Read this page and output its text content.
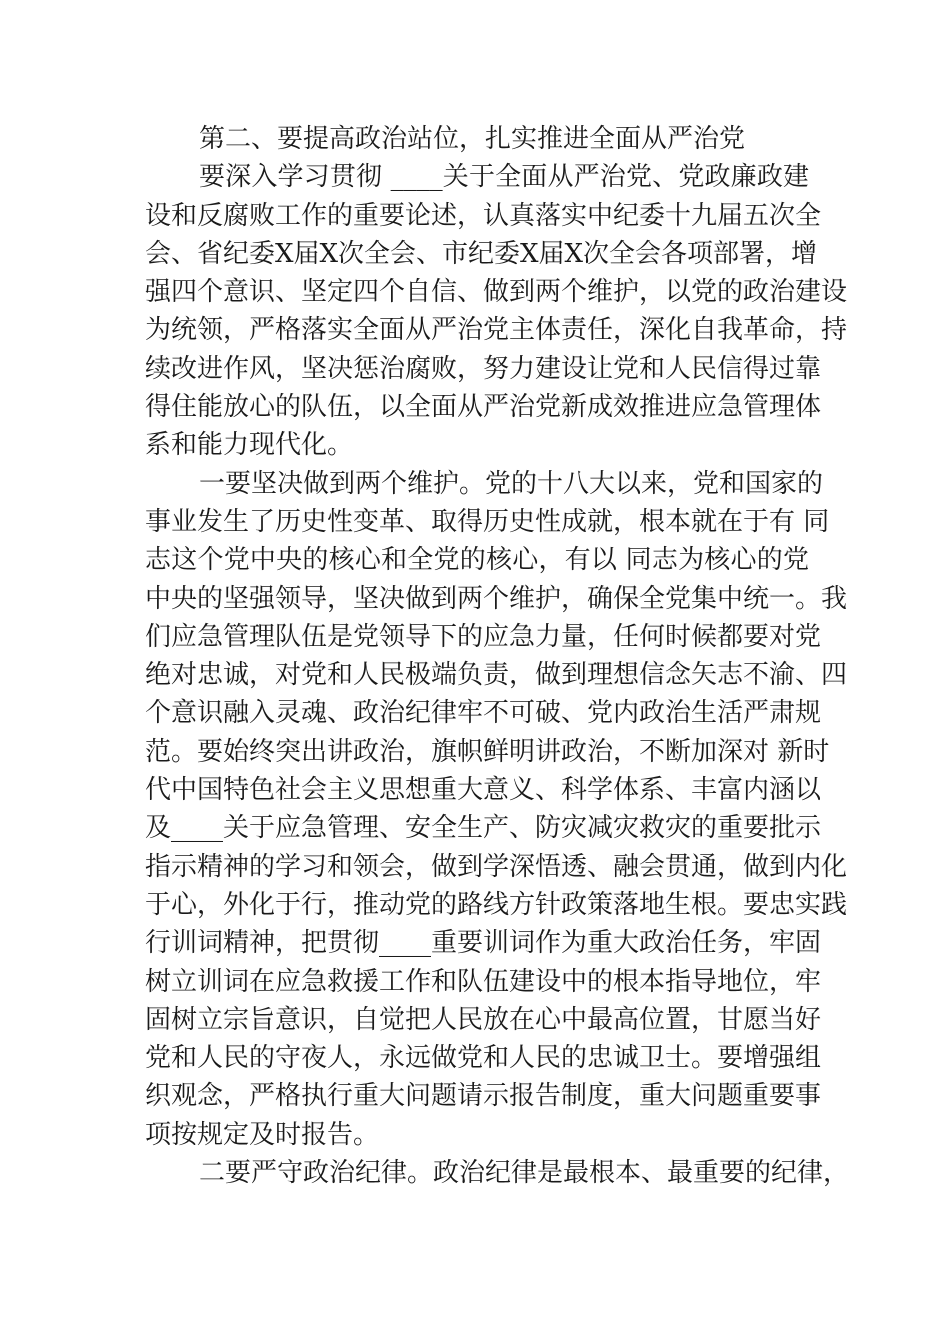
第二、要提高政治站位，扎实推进全面从严治党
要深入学习贯彻 ____关于全面从严治党、党政廉政建
设和反腐败工作的重要论述，认真落实中纪委十九届五次全
会、省纪委X届X次全会、市纪委X届X次全会各项部署，增
强四个意识、坚定四个自信、做到两个维护，以党的政治建设
为统领，严格落实全面从严治党主体责任，深化自我革命，持
续改进作风，坚决惩治腐败，努力建设让党和人民信得过靠
得住能放心的队伍，以全面从严治党新成效推进应急管理体
系和能力现代化。
一要坚决做到两个维护。党的十八大以来，党和国家的
事业发生了历史性变革、取得历史性成就，根本就在于有 同
志这个党中央的核心和全党的核心，有以 同志为核心的党
中央的坚强领导，坚决做到两个维护，确保全党集中统一。我
们应急管理队伍是党领导下的应急力量，任何时候都要对党
绝对忠诚，对党和人民极端负责，做到理想信念矢志不渝、四
个意识融入灵魂、政治纪律牢不可破、党内政治生活严肃规
范。要始终突出讲政治，旗帜鲜明讲政治，不断加深对 新时
代中国特色社会主义思想重大意义、科学体系、丰富内涵以
及____关于应急管理、安全生产、防灾减灾救灾的重要批示
指示精神的学习和领会，做到学深悟透、融会贯通，做到内化
于心，外化于行，推动党的路线方针政策落地生根。要忠实践
行训词精神，把贯彻____重要训词作为重大政治任务，牢固
树立训词在应急救援工作和队伍建设中的根本指导地位，牢
固树立宗旨意识，自觉把人民放在心中最高位置，甘愿当好
党和人民的守夜人，永远做党和人民的忠诚卫士。要增强组
织观念，严格执行重大问题请示报告制度，重大问题重要事
项按规定及时报告。
二要严守政治纪律。政治纪律是最根本、最重要的纪律，
